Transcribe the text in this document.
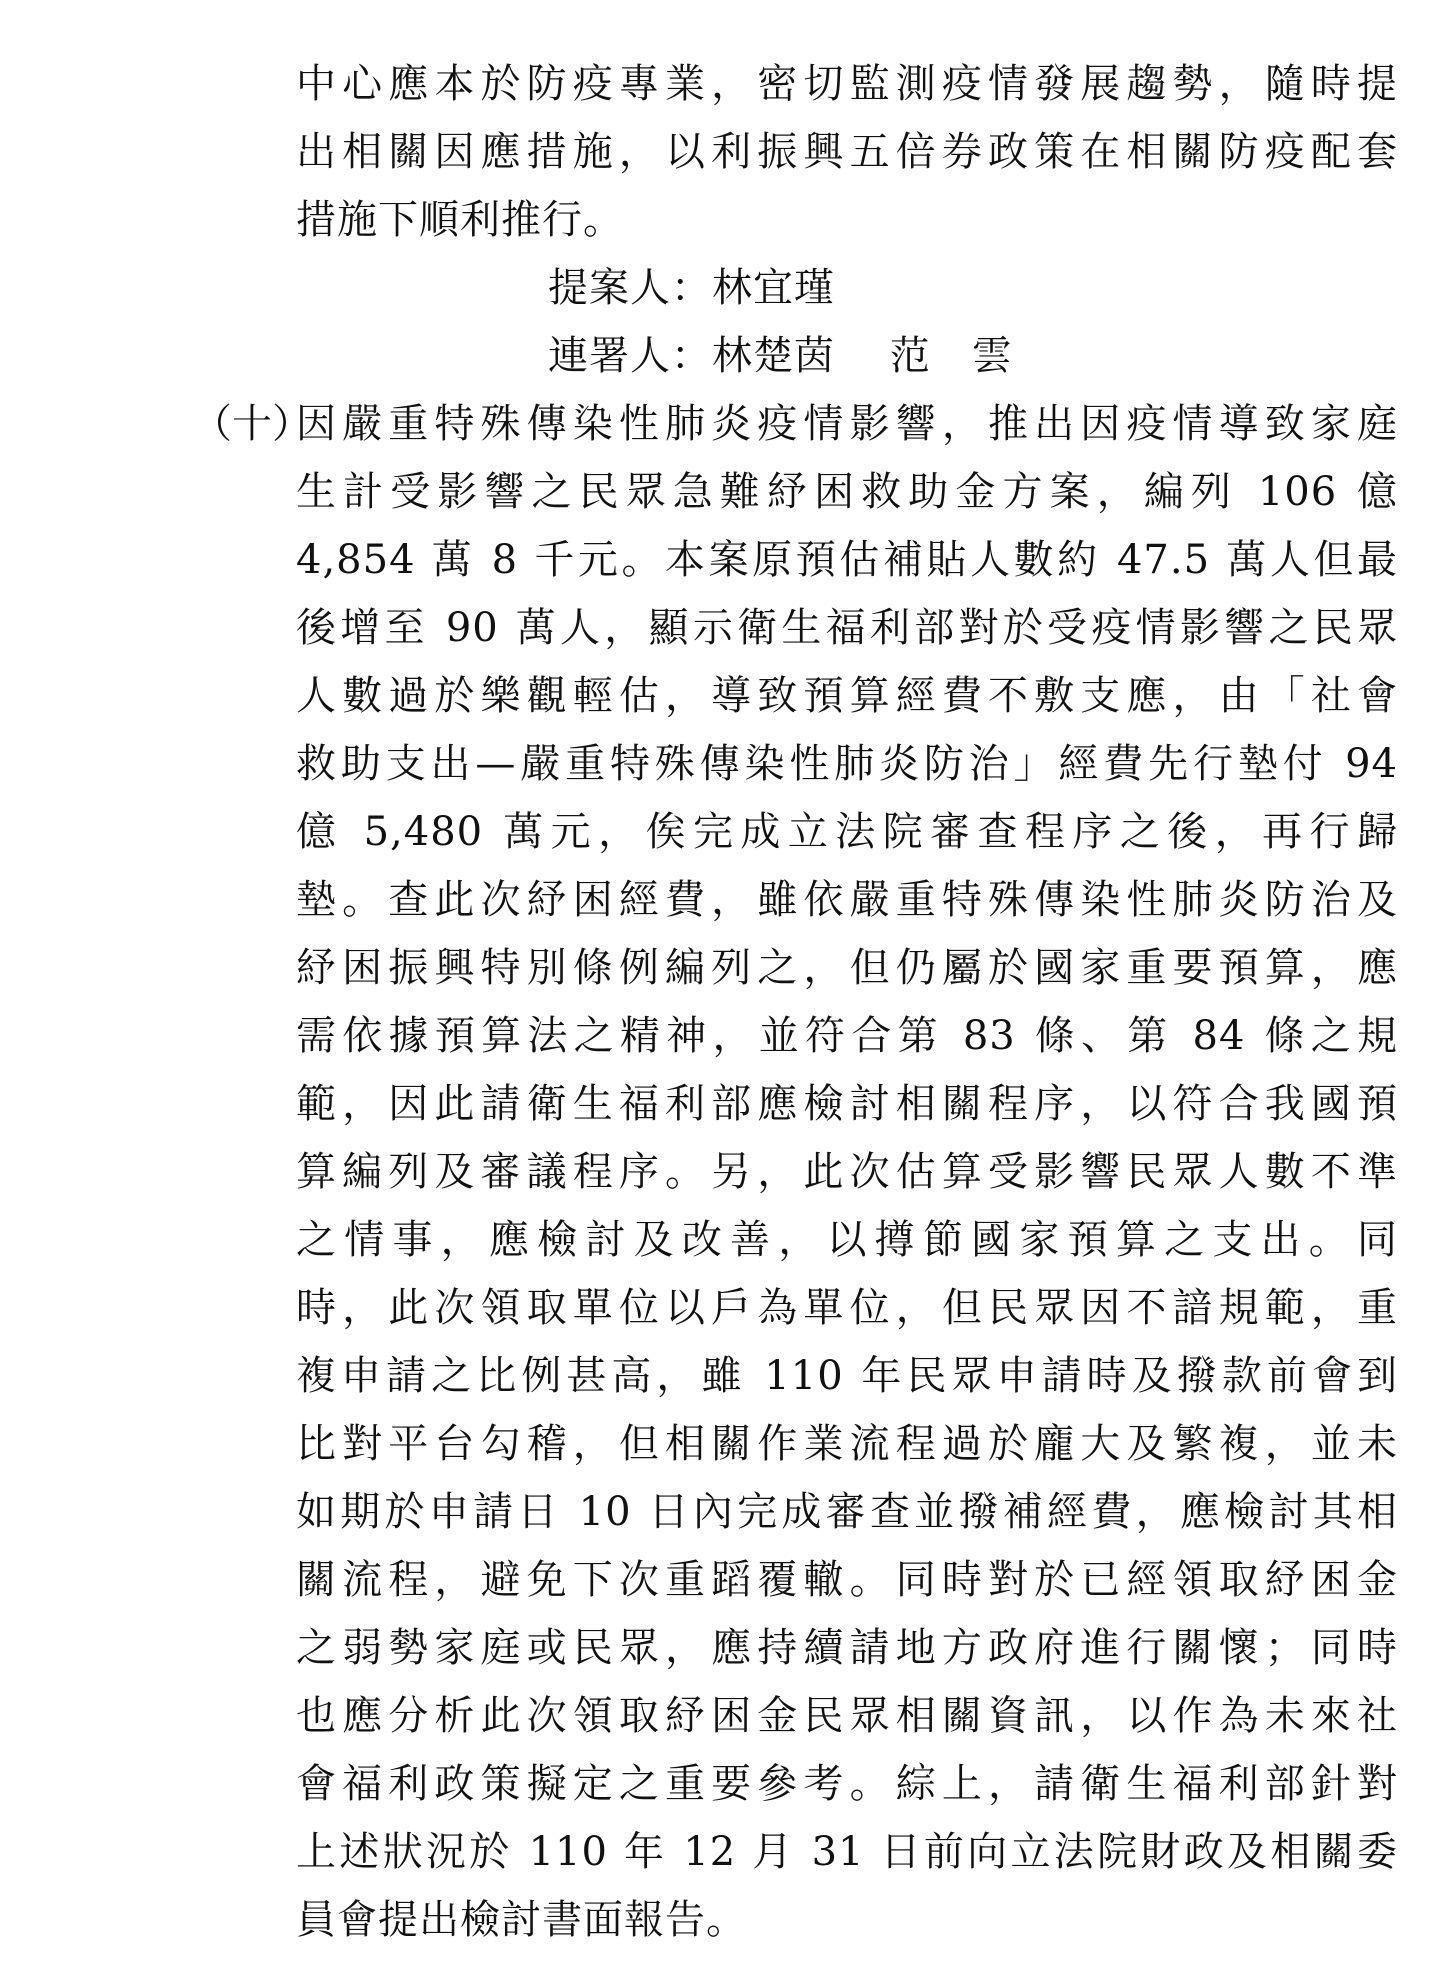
中心應本於防疫專業，密切監測疫情發展趨勢，隨時提
出相關因應措施，以利振興五倍券政策在相關防疫配套
措施下順利推行。
提案人：林宜瑾
連署人：林楚茵　 范　雲
（十）
因嚴重特殊傳染性肺炎疫情影響，推出因疫情導致家庭
生計受影響之民眾急難紓困救助金方案，編列 106 億
4,854 萬 8 千元。本案原預估補貼人數約 47.5 萬人但最
後增至 90 萬人，顯示衛生福利部對於受疫情影響之民眾
人數過於樂觀輕估，導致預算經費不敷支應，由「社會
救助支出—嚴重特殊傳染性肺炎防治」經費先行墊付 94
億 5,480 萬元，俟完成立法院審查程序之後，再行歸
墊。查此次紓困經費，雖依嚴重特殊傳染性肺炎防治及
紓困振興特別條例編列之，但仍屬於國家重要預算，應
需依據預算法之精神，並符合第 83 條、第 84 條之規
範，因此請衛生福利部應檢討相關程序，以符合我國預
算編列及審議程序。另，此次估算受影響民眾人數不準
之情事，應檢討及改善，以撙節國家預算之支出。同
時，此次領取單位以戶為單位，但民眾因不諳規範，重
複申請之比例甚高，雖 110 年民眾申請時及撥款前會到
比對平台勾稽，但相關作業流程過於龐大及繁複，並未
如期於申請日 10 日內完成審查並撥補經費，應檢討其相
關流程，避免下次重蹈覆轍。同時對於已經領取紓困金
之弱勢家庭或民眾，應持續請地方政府進行關懷；同時
也應分析此次領取紓困金民眾相關資訊，以作為未來社
會福利政策擬定之重要參考。綜上，請衛生福利部針對
上述狀況於 110 年 12 月 31 日前向立法院財政及相關委
員會提出檢討書面報告。
